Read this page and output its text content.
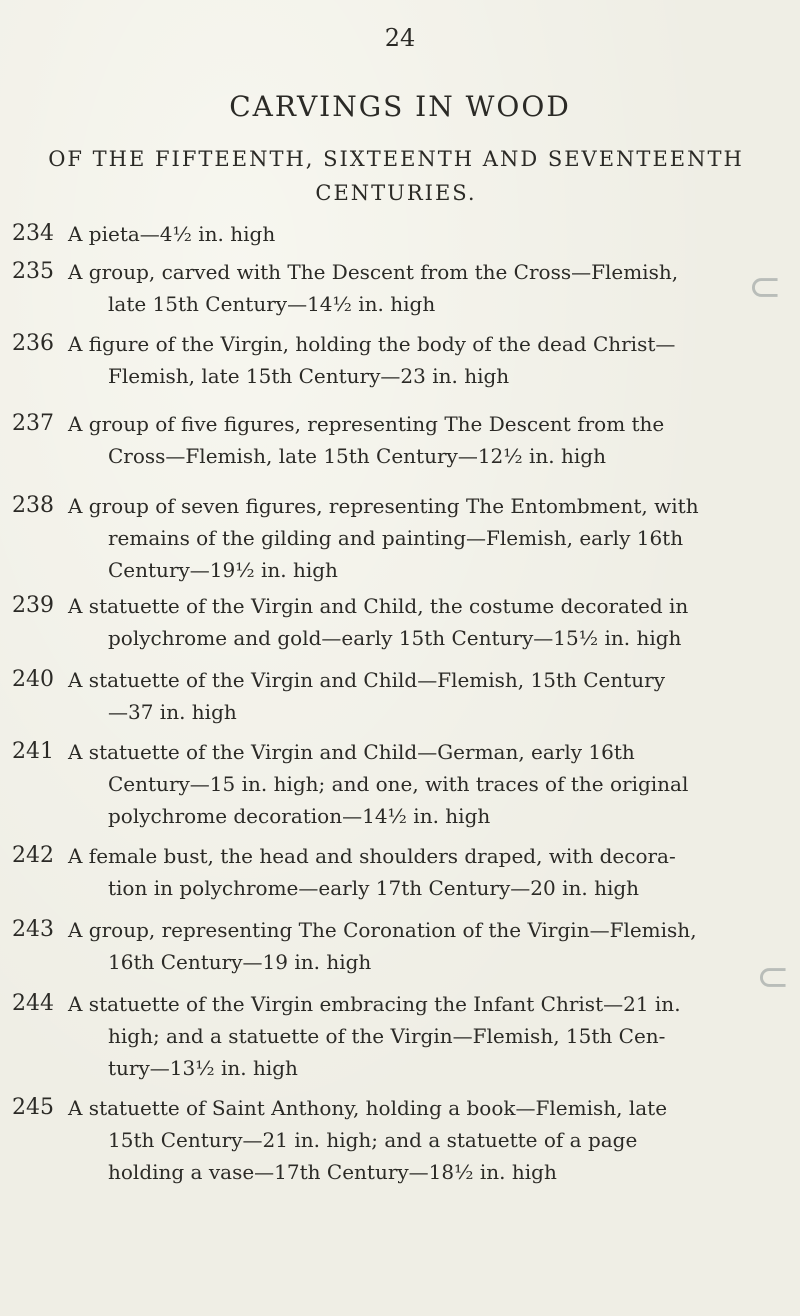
24
CARVINGS IN WOOD
OF THE FIFTEENTH, SIXTEENTH AND SEVENTEENTH CENTURIES.
234 A pieta—4½ in. high
235 A group, carved with The Descent from the Cross—Flemish,
late 15th Century—14½ in. high
236 A figure of the Virgin, holding the body of the dead Christ—
Flemish, late 15th Century—23 in. high
237 A group of five figures, representing The Descent from the
Cross—Flemish, late 15th Century—12½ in. high
238 A group of seven figures, representing The Entombment, with
remains of the gilding and painting—Flemish, early 16th
Century—19½ in. high
239 A statuette of the Virgin and Child, the costume decorated in
polychrome and gold—early 15th Century—15½ in. high
240 A statuette of the Virgin and Child—Flemish, 15th Century
—37 in. high
241 A statuette of the Virgin and Child—German, early 16th
Century—15 in. high; and one, with traces of the original
polychrome decoration—14½ in. high
242 A female bust, the head and shoulders draped, with decora-
tion in polychrome—early 17th Century—20 in. high
243 A group, representing The Coronation of the Virgin—Flemish,
16th Century—19 in. high
244 A statuette of the Virgin embracing the Infant Christ—21 in.
high; and a statuette of the Virgin—Flemish, 15th Cen-
tury—13½ in. high
245 A statuette of Saint Anthony, holding a book—Flemish, late
15th Century—21 in. high; and a statuette of a page
holding a vase—17th Century—18½ in. high
⊂
⊂
